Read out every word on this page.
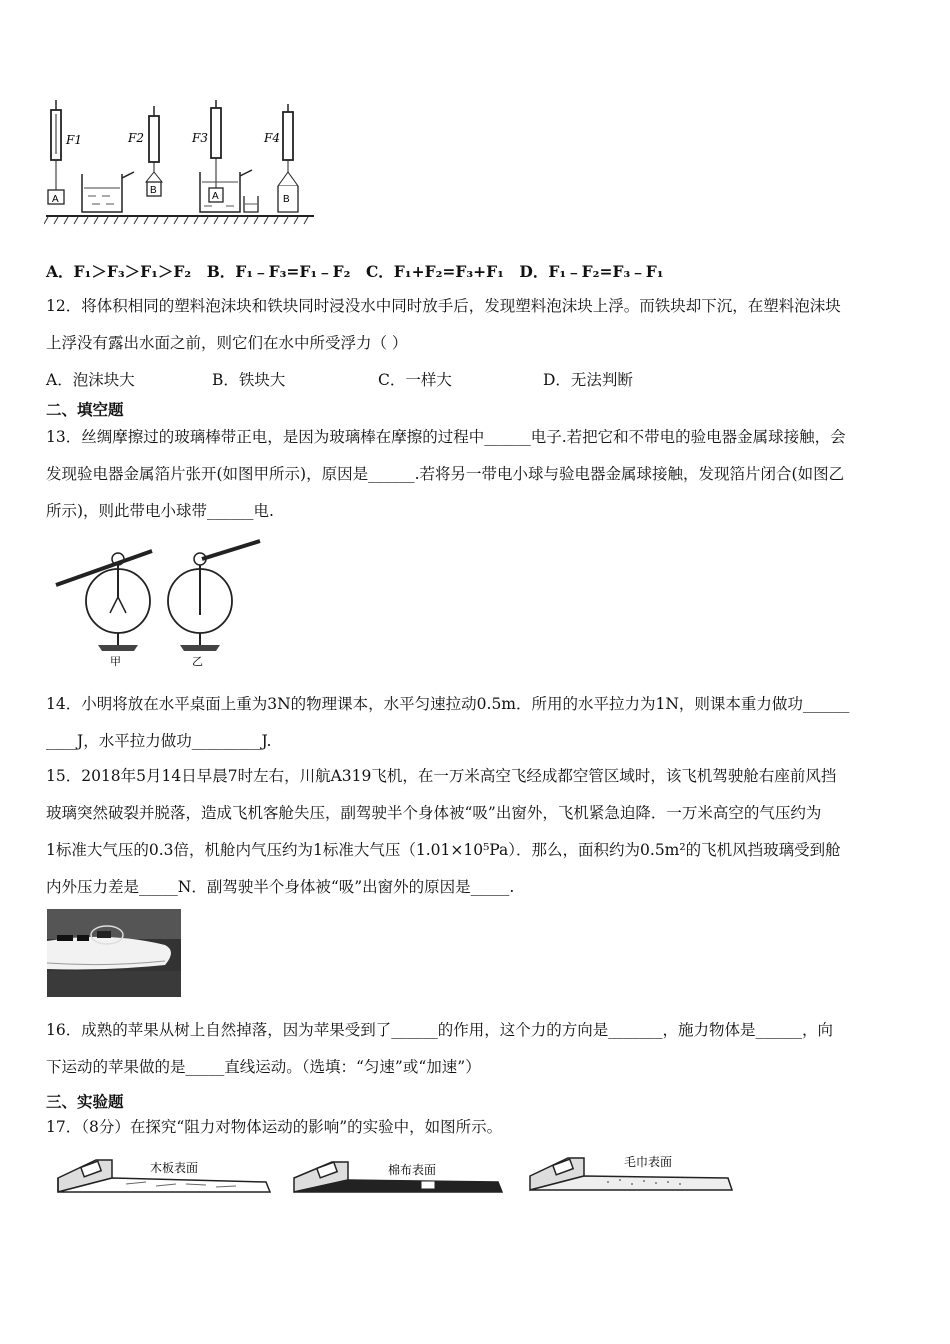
A
F1
B
F2	F3
A	B
F4
A．F₁＞F₃＞F₁＞F₂　B．F₁﹣F₃=F₁﹣F₂　C．F₁+F₂=F₃+F₁　D．F₁﹣F₂=F₃﹣F₁
12．将体积相同的塑料泡沫块和铁块同时浸没水中同时放手后，发现塑料泡沫块上浮。而铁块却下沉，在塑料泡沫块
上浮没有露出水面之前，则它们在水中所受浮力（ ）
A．泡沫块大	B．铁块大	C．一样大	D．无法判断
二、填空题
13．丝绸摩擦过的玻璃棒带正电，是因为玻璃棒在摩擦的过程中______电子.若把它和不带电的验电器金属球接触，会
发现验电器金属箔片张开(如图甲所示)，原因是______.若将另一带电小球与验电器金属球接触，发现箔片闭合(如图乙
所示)，则此带电小球带______电.
甲	乙
14．小明将放在水平桌面上重为3N的物理课本，水平匀速拉动0.5m．所用的水平拉力为1N，则课本重力做功______
____J，水平拉力做功_________J.
15．2018年5月14日早晨7时左右，川航A319飞机，在一万米高空飞经成都空管区域时，该飞机驾驶舱右座前风挡
玻璃突然破裂并脱落，造成飞机客舱失压，副驾驶半个身体被“吸”出窗外，飞机紧急迫降．一万米高空的气压约为
1标准大气压的0.3倍，机舱内气压约为1标准大气压（1.01×10⁵Pa）．那么，面积约为0.5m²的飞机风挡玻璃受到舱
内外压力差是_____N．副驾驶半个身体被“吸”出窗外的原因是_____.
16．成熟的苹果从树上自然掉落，因为苹果受到了______的作用，这个力的方向是_______，施力物体是______，向
下运动的苹果做的是_____直线运动。（选填：“匀速”或“加速”）
三、实验题
17．（8分）在探究“阻力对物体运动的影响”的实验中，如图所示。
木板表面	棉布表面
毛巾表面
